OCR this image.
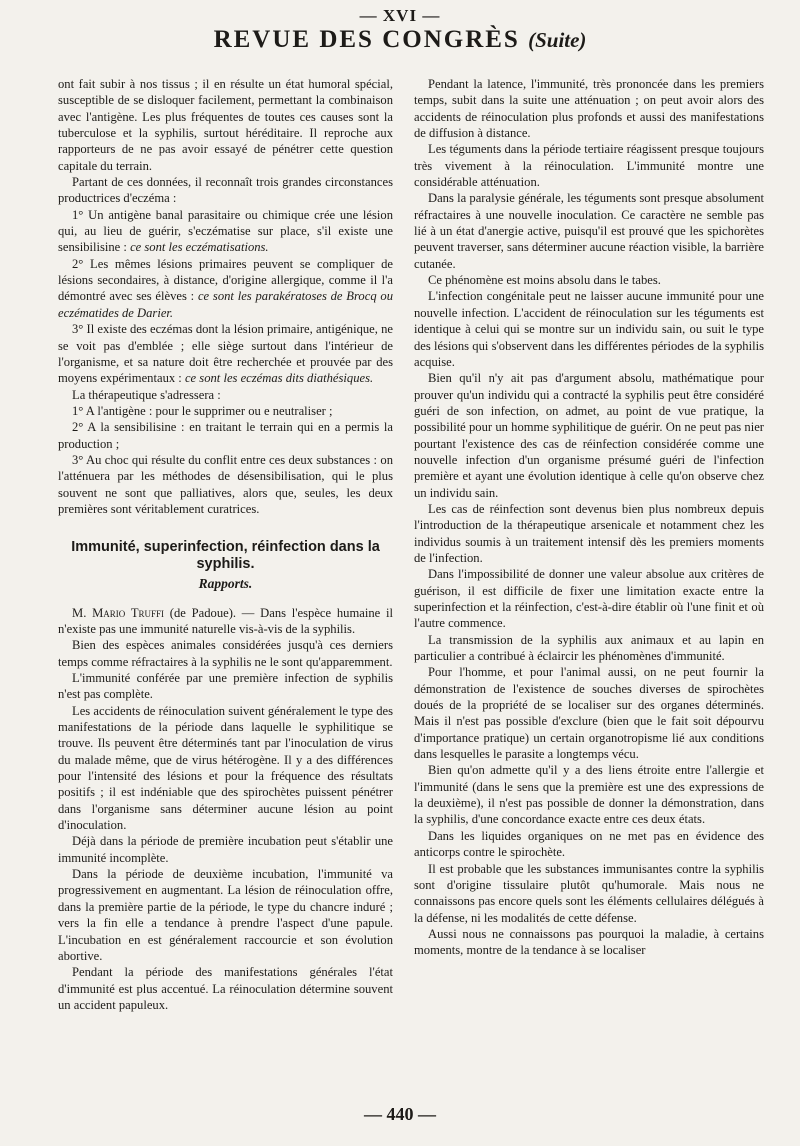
— XVI —
REVUE DES CONGRÈS (Suite)

ont fait subir à nos tissus ; il en résulte un état humoral spécial, susceptible de se disloquer facilement, permettant la combinaison avec l'antigène. Les plus fréquentes de toutes ces causes sont la tuberculose et la syphilis, surtout héréditaire. Il reproche aux rapporteurs de ne pas avoir essayé de pénétrer cette question capitale du terrain.

Partant de ces données, il reconnaît trois grandes circonstances productrices d'eczéma :

1° Un antigène banal parasitaire ou chimique crée une lésion qui, au lieu de guérir, s'eczématise sur place, s'il existe une sensibilisine : ce sont les eczématisations.

2° Les mêmes lésions primaires peuvent se compliquer de lésions secondaires, à distance, d'origine allergique, comme il l'a démontré avec ses élèves : ce sont les parakératoses de Brocq ou eczématides de Darier.

3° Il existe des eczémas dont la lésion primaire, antigénique, ne se voit pas d'emblée ; elle siège surtout dans l'intérieur de l'organisme, et sa nature doit être recherchée et prouvée par des moyens expérimentaux : ce sont les eczémas dits diathésiques.

La thérapeutique s'adressera :

1° A l'antigène : pour le supprimer ou e neutraliser ;

2° A la sensibilisine : en traitant le terrain qui en a permis la production ;

3° Au choc qui résulte du conflit entre ces deux substances : on l'atténuera par les méthodes de désensibilisation, qui le plus souvent ne sont que palliatives, alors que, seules, les deux premières sont véritablement curatrices.

Immunité, superinfection, réinfection dans la syphilis.
Rapports.

M. Mario Truffi (de Padoue). — Dans l'espèce humaine il n'existe pas une immunité naturelle vis-à-vis de la syphilis.

Bien des espèces animales considérées jusqu'à ces derniers temps comme réfractaires à la syphilis ne le sont qu'apparemment.

L'immunité conférée par une première infection de syphilis n'est pas complète.

Les accidents de réinoculation suivent généralement le type des manifestations de la période dans laquelle le syphilitique se trouve. Ils peuvent être déterminés tant par l'inoculation de virus du malade même, que de virus hétérogène. Il y a des différences pour l'intensité des lésions et pour la fréquence des résultats positifs ; il est indéniable que des spirochètes puissent pénétrer dans l'organisme sans déterminer aucune lésion au point d'inoculation.

Déjà dans la période de première incubation peut s'établir une immunité incomplète.

Dans la période de deuxième incubation, l'immunité va progressivement en augmentant. La lésion de réinoculation offre, dans la première partie de la période, le type du chancre induré ; vers la fin elle a tendance à prendre l'aspect d'une papule. L'incubation en est généralement raccourcie et son évolution abortive.

Pendant la période des manifestations générales l'état d'immunité est plus accentué. La réinoculation détermine souvent un accident papuleux.

Pendant la latence, l'immunité, très prononcée dans les premiers temps, subit dans la suite une atténuation ; on peut avoir alors des accidents de réinoculation plus profonds et aussi des manifestations de diffusion à distance.

Les téguments dans la période tertiaire réagissent presque toujours très vivement à la réinoculation. L'immunité montre une considérable atténuation.

Dans la paralysie générale, les téguments sont presque absolument réfractaires à une nouvelle inoculation. Ce caractère ne semble pas lié à un état d'anergie active, puisqu'il est prouvé que les spichorètes peuvent traverser, sans déterminer aucune réaction visible, la barrière cutanée.

Ce phénomène est moins absolu dans le tabes.

L'infection congénitale peut ne laisser aucune immunité pour une nouvelle infection. L'accident de réinoculation sur les téguments est identique à celui qui se montre sur un individu sain, ou suit le type des lésions qui s'observent dans les différentes périodes de la syphilis acquise.

Bien qu'il n'y ait pas d'argument absolu, mathématique pour prouver qu'un individu qui a contracté la syphilis peut être considéré guéri de son infection, on admet, au point de vue pratique, la possibilité pour un homme syphilitique de guérir. On ne peut pas nier pourtant l'existence des cas de réinfection considérée comme une nouvelle infection d'un organisme présumé guéri de l'infection première et ayant une évolution identique à celle qu'on observe chez un individu sain.

Les cas de réinfection sont devenus bien plus nombreux depuis l'introduction de la thérapeutique arsenicale et notamment chez les individus soumis à un traitement intensif dès les premiers moments de l'infection.

Dans l'impossibilité de donner une valeur absolue aux critères de guérison, il est difficile de fixer une limitation exacte entre la superinfection et la réinfection, c'est-à-dire établir où l'une finit et où l'autre commence.

La transmission de la syphilis aux animaux et au lapin en particulier a contribué à éclaircir les phénomènes d'immunité.

Pour l'homme, et pour l'animal aussi, on ne peut fournir la démonstration de l'existence de souches diverses de spirochètes doués de la propriété de se localiser sur des organes déterminés. Mais il n'est pas possible d'exclure (bien que le fait soit dépourvu d'importance pratique) un certain organotropisme lié aux conditions dans lesquelles le parasite a longtemps vécu.

Bien qu'on admette qu'il y a des liens étroite entre l'allergie et l'immunité (dans le sens que la première est une des expressions de la deuxième), il n'est pas possible de donner la démonstration, dans la syphilis, d'une concordance exacte entre ces deux états.

Dans les liquides organiques on ne met pas en évidence des anticorps contre le spirochète.

Il est probable que les substances immunisantes contre la syphilis sont d'origine tissulaire plutôt qu'humorale. Mais nous ne connaissons pas encore quels sont les éléments cellulaires délégués à la défense, ni les modalités de cette défense.

Aussi nous ne connaissons pas pourquoi la maladie, à certains moments, montre de la tendance à se localiser

— 440 —
